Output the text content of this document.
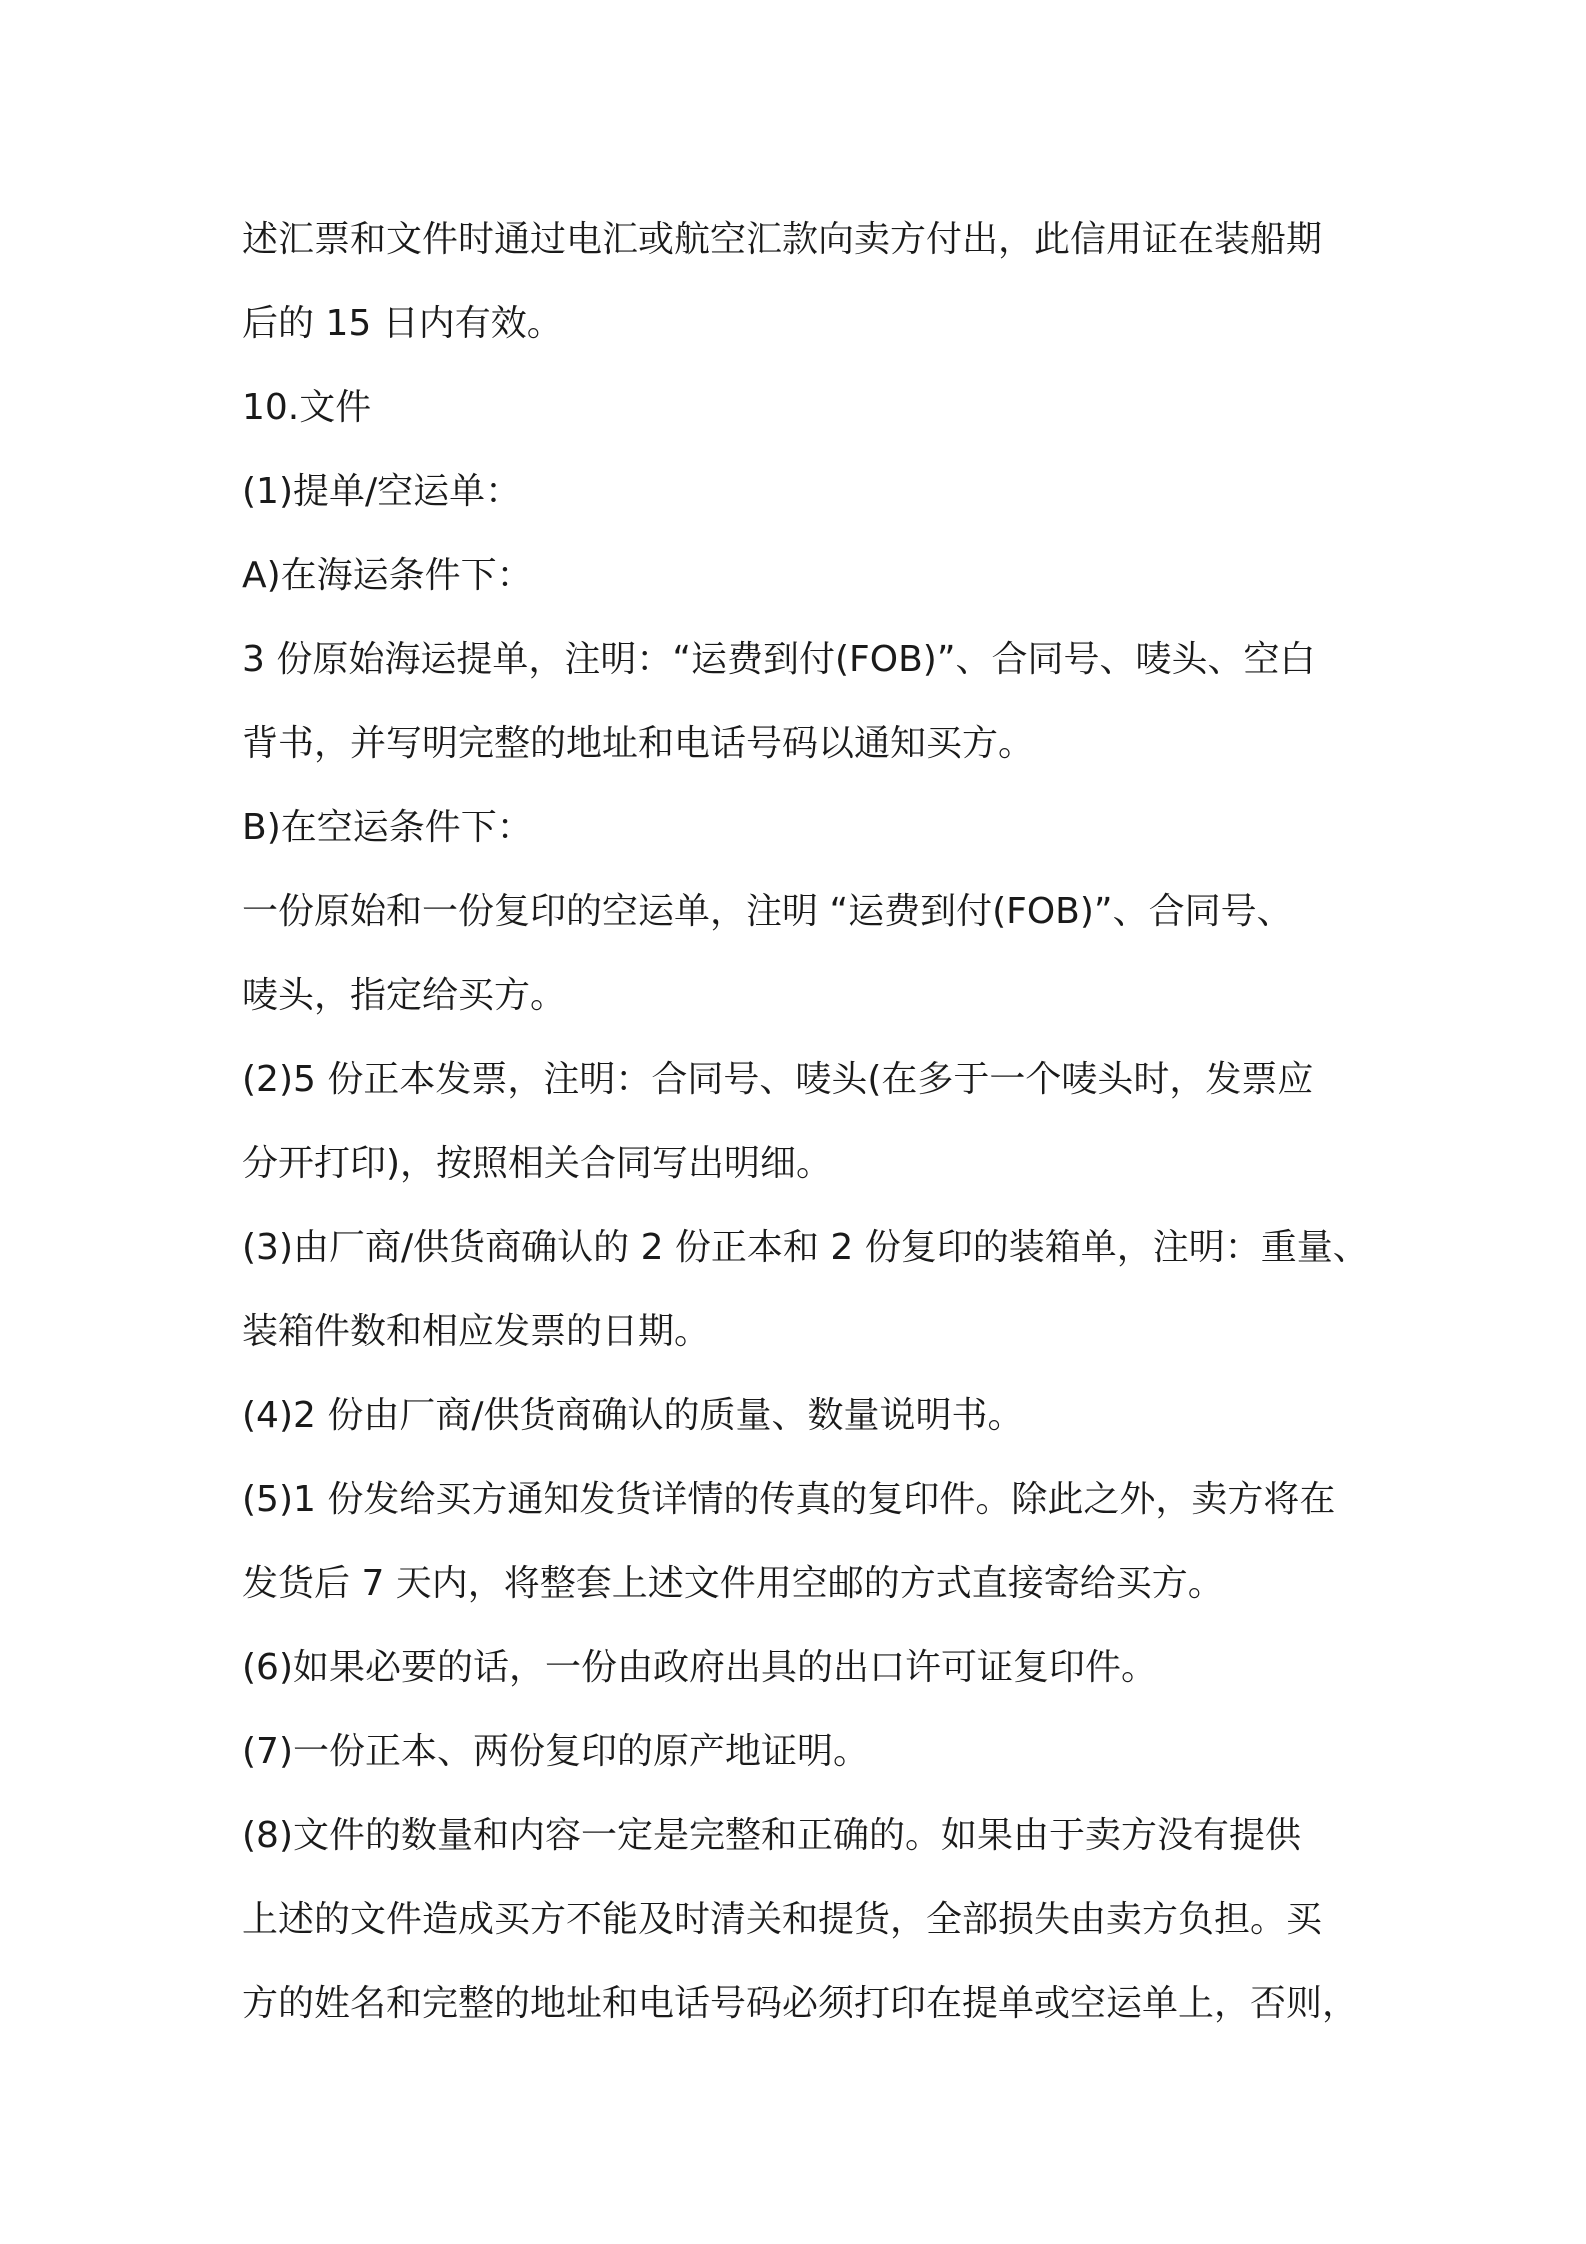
述汇票和文件时通过电汇或航空汇款向卖方付出，此信用证在装船期
后的 15 日内有效。
10.文件
(1)提单/空运单：
A)在海运条件下：
3 份原始海运提单，注明：“运费到付(FOB)”、合同号、唛头、空白
背书，并写明完整的地址和电话号码以通知买方。
B)在空运条件下：
一份原始和一份复印的空运单，注明 “运费到付(FOB)”、合同号、
唛头，指定给买方。
(2)5 份正本发票，注明：合同号、唛头(在多于一个唛头时，发票应
分开打印)，按照相关合同写出明细。
(3)由厂商/供货商确认的 2 份正本和 2 份复印的装箱单，注明：重量、
装箱件数和相应发票的日期。
(4)2 份由厂商/供货商确认的质量、数量说明书。
(5)1 份发给买方通知发货详情的传真的复印件。除此之外，卖方将在
发货后 7 天内，将整套上述文件用空邮的方式直接寄给买方。
(6)如果必要的话，一份由政府出具的出口许可证复印件。
(7)一份正本、两份复印的原产地证明。
(8)文件的数量和内容一定是完整和正确的。如果由于卖方没有提供
上述的文件造成买方不能及时清关和提货，全部损失由卖方负担。买
方的姓名和完整的地址和电话号码必须打印在提单或空运单上，否则，
